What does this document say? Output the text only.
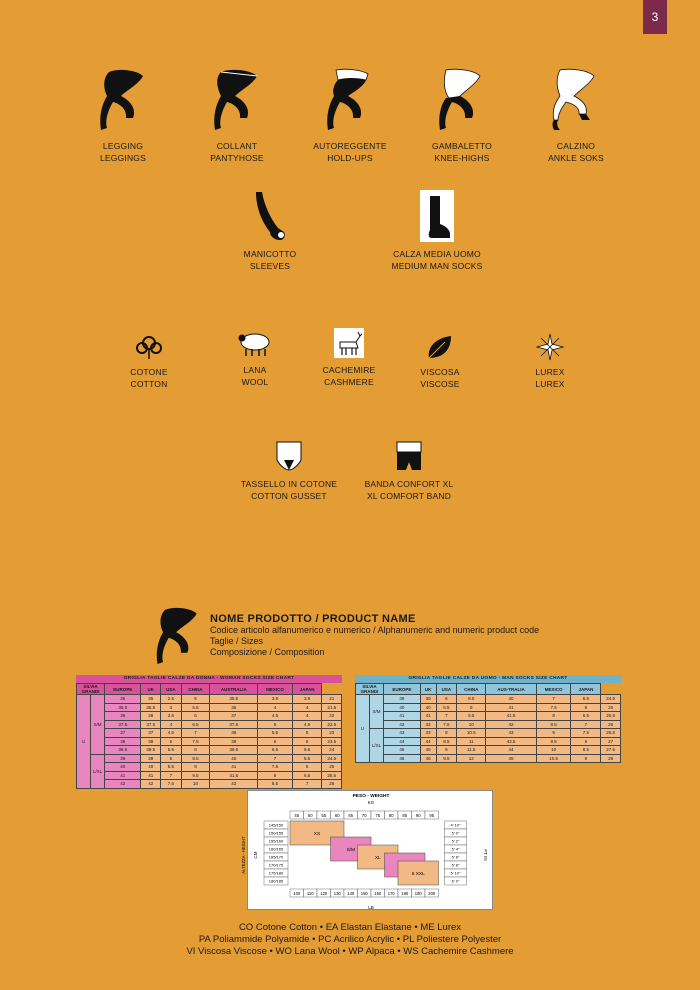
3
LEGGING
LEGGINGS
COLLANT
PANTYHOSE
AUTOREGGENTE
HOLD-UPS
GAMBALETTO
KNEE-HIGHS
CALZINO
ANKLE SOKS
MANICOTTO
SLEEVES
CALZA MEDIA UOMO
MEDIUM MAN SOCKS
COTONE
COTTON
LANA
WOOL
CACHEMIRE
CASHMERE
VISCOSA
VISCOSE
LUREX
LUREX
TASSELLO IN COTONE
COTTON GUSSET
BANDA CONFORT XL
XL COMFORT BAND
NOME PRODOTTO / PRODUCT NAME
Codice articolo alfanumerico e numerico / Alphanumeric and numeric product code
Taglie / Sizes
Composizione / Composition
GRIGLIA TAGLIE CALZE DA DONNA - WOMAN SOCKS SIZE CHART
SILVIA GRANDI		EUROPE	UK	USA	CHINA	AUSTRALIA	MEXICO	JAPAN	
U	S/M	35	35	2.5	5	35.5	3.5	3.5	21
		35.5	35.5	3	5.5	36	4	4	21.5
		36	36	3.5	6	37	4.5	4	22
		37.5	37.5	4	6.5	37.5	5	4.5	22.5
		37	37	4.5	7	38	5.5	5	23
		38	38	5	7.5	38	6	5	23.5
		38.5	38.5	5.5	8	39.5	6.5	5.5	24
	L/XL	39	39	6	8.5	40	7	5.5	24.5
		40	40	6.5	9	41	7.5	6	25
		41	41	7	9.5	41.5	8	6.5	25.5
		42	42	7.5	10	42	8.5	7	26
GRIGLIA TAGLIE CALZE DA UOMO - MAN SOCKS SIZE CHART
SILVIA GRANDI		EUROPE	UK	USA	CHINA	AUS-TRALIA	MEXICO	JAPAN	
U	S/M	39	39	6	8.5	40	7	5.5	24.5
		40	40	6.5	9	41	7.5	6	25
		41	41	7	9.5	41.5	8	6.5	25.5
		42	42	7.5	10	42	8.5	7	26
	L/XL	43	43	8	10.5	43	9	7.5	26.5
		44	44	8.5	11	43.5	9.5	8	27
		45	45	9	11.5	44	10	8.5	27.5
		46	46	9.5	12	45	10.5	9	28
PESO - WEIGHT
KG
LB
CM
ALTEZZA - HEIGHT	FT IN
45 50 55 60 65 70 75 80 85 90 95
100 110 120 130 140 150 160 170 180 190 200
145/150
150/155
155/160
160/165
165/170
170/175
175/180
180/185
4' 10"
5' 0"
5' 2"
5' 4"
5' 6"
5' 8"
5' 10"
6' 0"
XS
S/M
XL
5 XXL
CO Cotone Cotton • EA Elastan Elastane • ME Lurex
PA Poliammide Polyamide • PC Acrilico Acrylic • PL Poliestere Polyester
VI Viscosa Viscose • WO Lana Wool • WP Alpaca • WS Cachemire Cashmere
